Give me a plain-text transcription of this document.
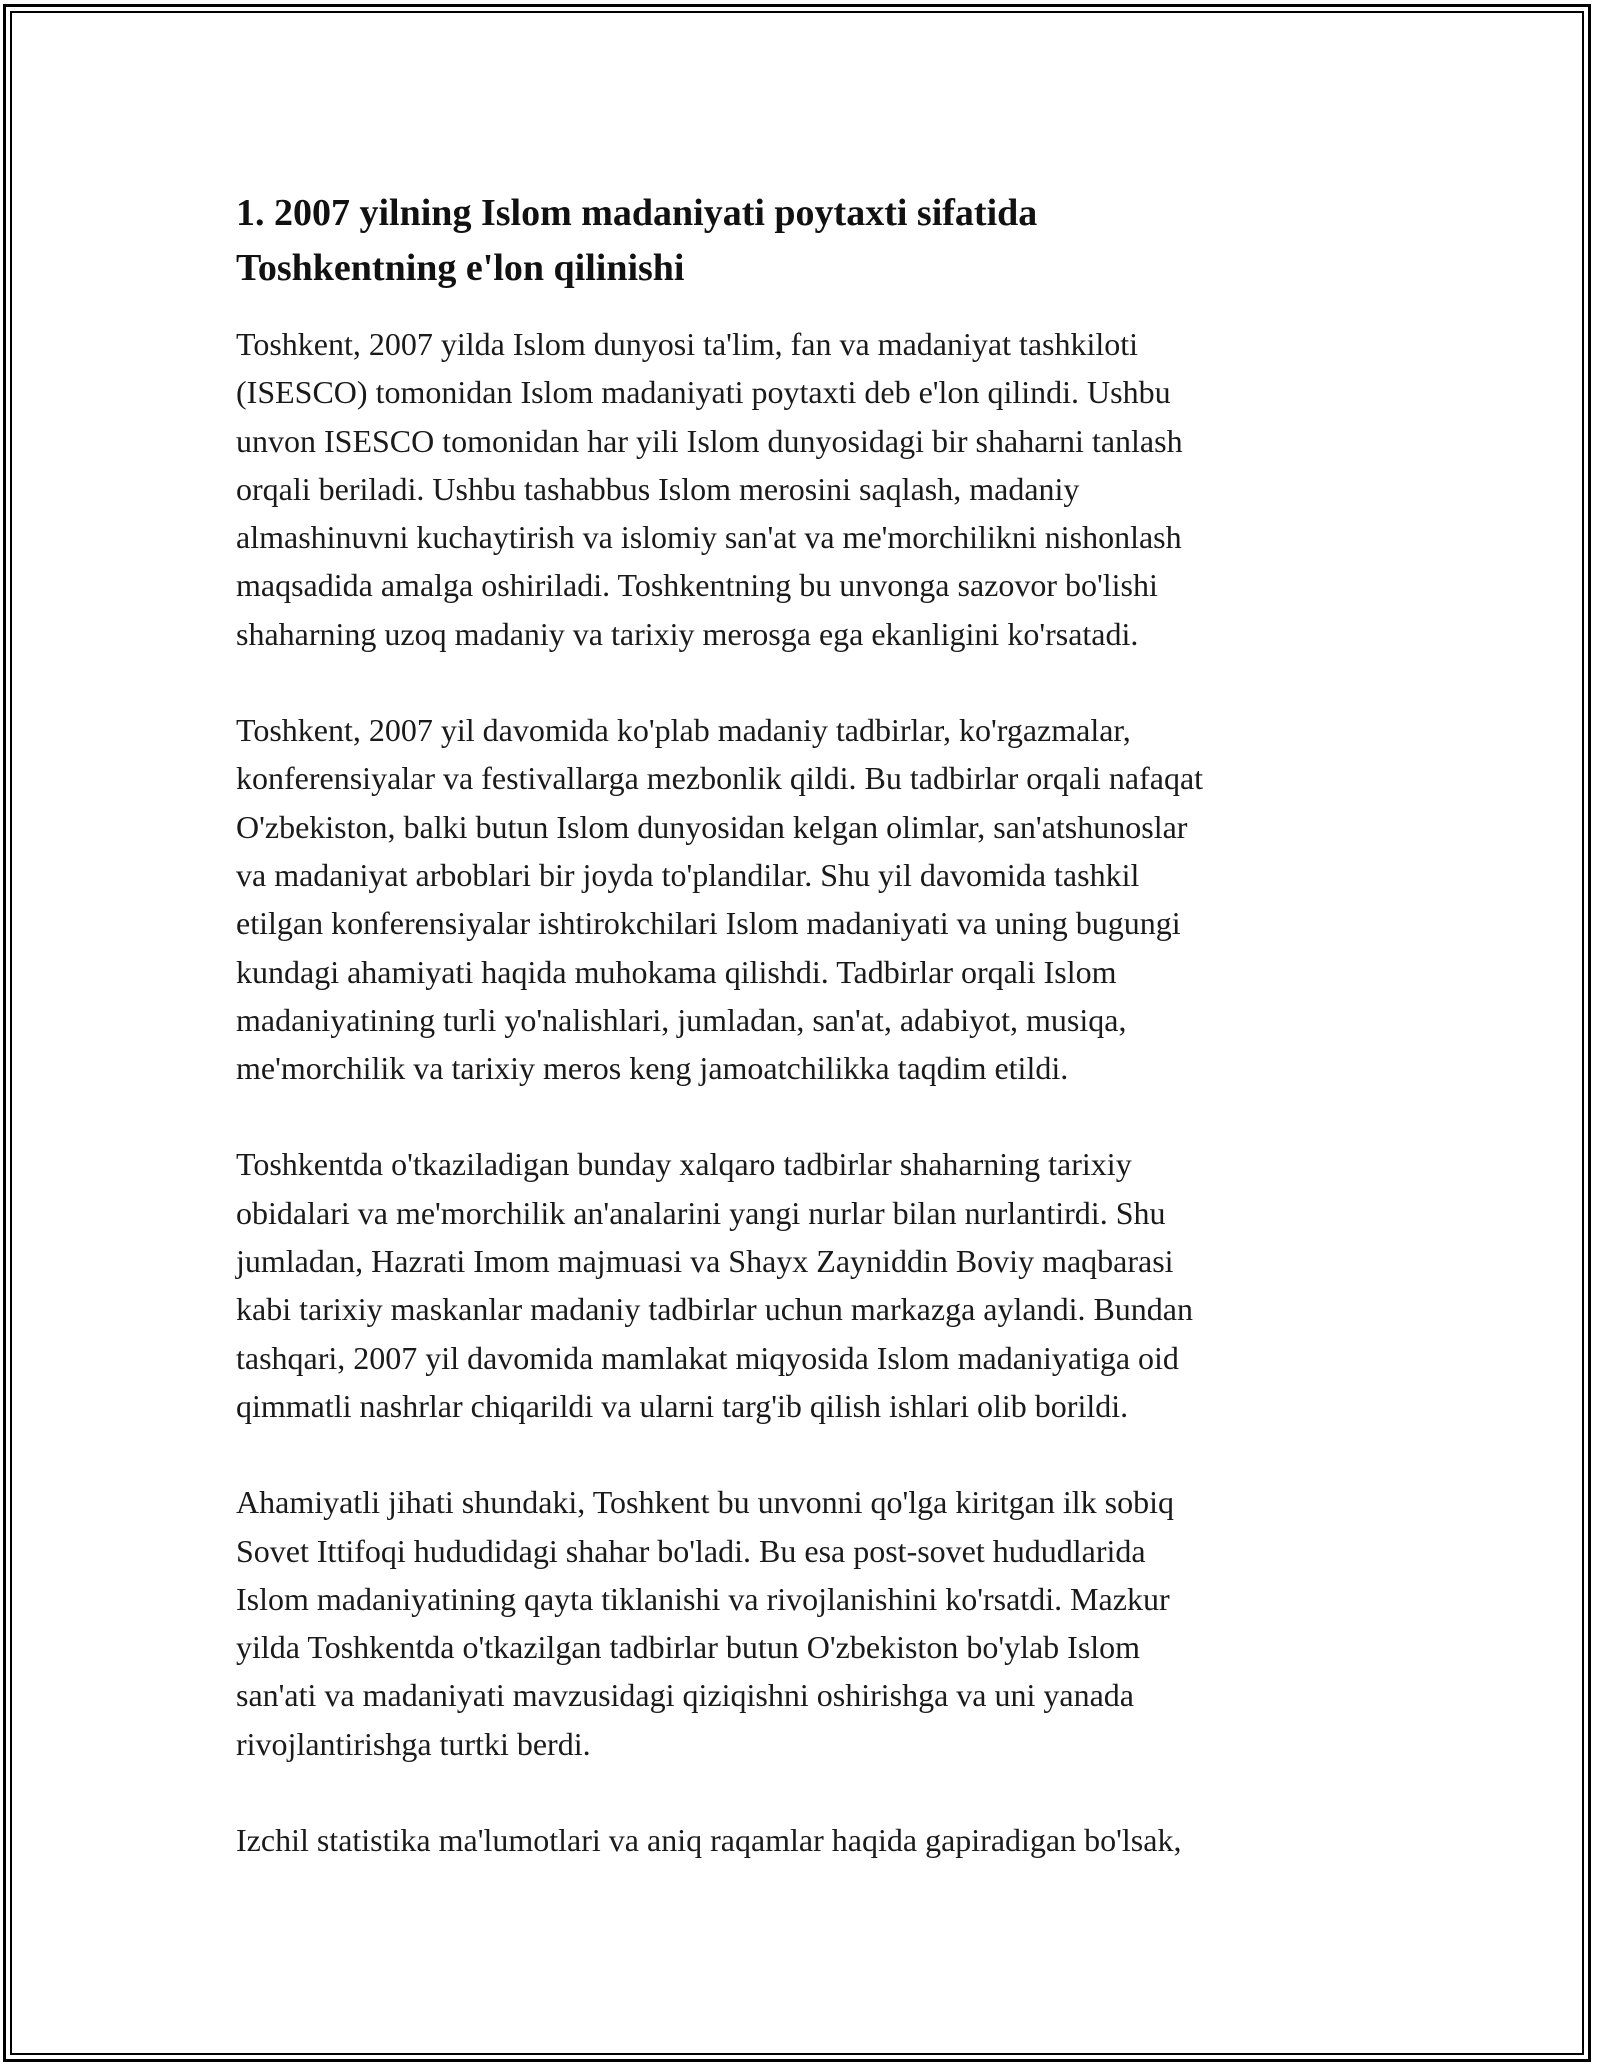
1. 2007 yilning Islom madaniyati poytaxti sifatida
Toshkentning e'lon qilinishi

Toshkent, 2007 yilda Islom dunyosi ta'lim, fan va madaniyat tashkiloti
(ISESCO) tomonidan Islom madaniyati poytaxti deb e'lon qilindi. Ushbu
unvon ISESCO tomonidan har yili Islom dunyosidagi bir shaharni tanlash
orqali beriladi. Ushbu tashabbus Islom merosini saqlash, madaniy
almashinuvni kuchaytirish va islomiy san'at va me'morchilikni nishonlash
maqsadida amalga oshiriladi. Toshkentning bu unvonga sazovor bo'lishi
shaharning uzoq madaniy va tarixiy merosga ega ekanligini ko'rsatadi.

Toshkent, 2007 yil davomida ko'plab madaniy tadbirlar, ko'rgazmalar,
konferensiyalar va festivallarga mezbonlik qildi. Bu tadbirlar orqali nafaqat
O'zbekiston, balki butun Islom dunyosidan kelgan olimlar, san'atshunoslar
va madaniyat arboblari bir joyda to'plandilar. Shu yil davomida tashkil
etilgan konferensiyalar ishtirokchilari Islom madaniyati va uning bugungi
kundagi ahamiyati haqida muhokama qilishdi. Tadbirlar orqali Islom
madaniyatining turli yo'nalishlari, jumladan, san'at, adabiyot, musiqa,
me'morchilik va tarixiy meros keng jamoatchilikka taqdim etildi.

Toshkentda o'tkaziladigan bunday xalqaro tadbirlar shaharning tarixiy
obidalari va me'morchilik an'analarini yangi nurlar bilan nurlantirdi. Shu
jumladan, Hazrati Imom majmuasi va Shayx Zayniddin Boviy maqbarasi
kabi tarixiy maskanlar madaniy tadbirlar uchun markazga aylandi. Bundan
tashqari, 2007 yil davomida mamlakat miqyosida Islom madaniyatiga oid
qimmatli nashrlar chiqarildi va ularni targ'ib qilish ishlari olib borildi.

Ahamiyatli jihati shundaki, Toshkent bu unvonni qo'lga kiritgan ilk sobiq
Sovet Ittifoqi hududidagi shahar bo'ladi. Bu esa post-sovet hududlarida
Islom madaniyatining qayta tiklanishi va rivojlanishini ko'rsatdi. Mazkur
yilda Toshkentda o'tkazilgan tadbirlar butun O'zbekiston bo'ylab Islom
san'ati va madaniyati mavzusidagi qiziqishni oshirishga va uni yanada
rivojlantirishga turtki berdi.

Izchil statistika ma'lumotlari va aniq raqamlar haqida gapiradigan bo'lsak,
